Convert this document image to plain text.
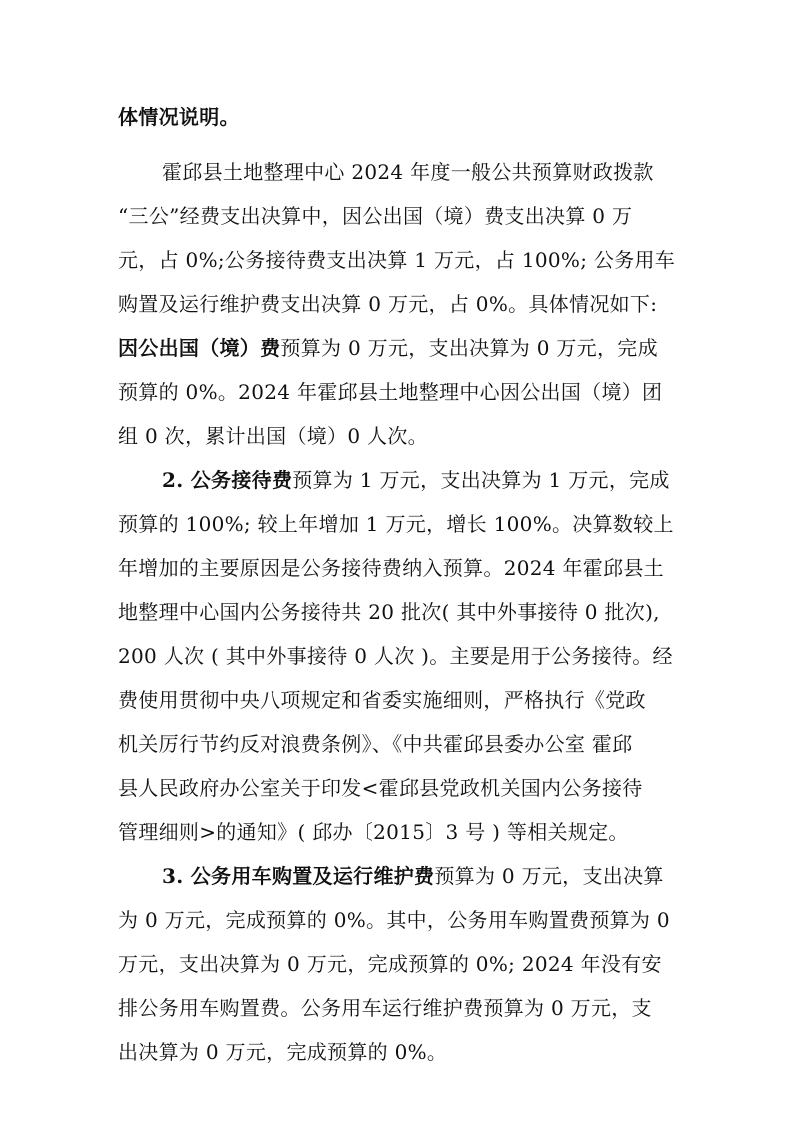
体情况说明。
霍邱县土地整理中心 2024 年度一般公共预算财政拨款
“三公”经费支出决算中，因公出国（境）费支出决算 0 万
元，占 0%;公务接待费支出决算 1 万元，占 100%; 公务用车
购置及运行维护费支出决算 0 万元，占 0%。具体情况如下:
因公出国（境）费预算为 0 万元，支出决算为 0 万元，完成
预算的 0%。2024 年霍邱县土地整理中心因公出国（境）团
组 0 次，累计出国（境）0 人次。
2. 公务接待费预算为 1 万元，支出决算为 1 万元，完成
预算的 100%; 较上年增加 1 万元，增长 100%。决算数较上
年增加的主要原因是公务接待费纳入预算。2024 年霍邱县土
地整理中心国内公务接待共 20 批次( 其中外事接待 0 批次),
200 人次 ( 其中外事接待 0 人次 )。主要是用于公务接待。经
费使用贯彻中央八项规定和省委实施细则，严格执行《党政
机关厉行节约反对浪费条例》、《中共霍邱县委办公室 霍邱
县人民政府办公室关于印发<霍邱县党政机关国内公务接待
管理细则>的通知》( 邱办〔2015〕3 号 ) 等相关规定。
3. 公务用车购置及运行维护费预算为 0 万元，支出决算
为 0 万元，完成预算的 0%。其中，公务用车购置费预算为 0
万元，支出决算为 0 万元，完成预算的 0%; 2024 年没有安
排公务用车购置费。公务用车运行维护费预算为 0 万元，支
出决算为 0 万元，完成预算的 0%。
